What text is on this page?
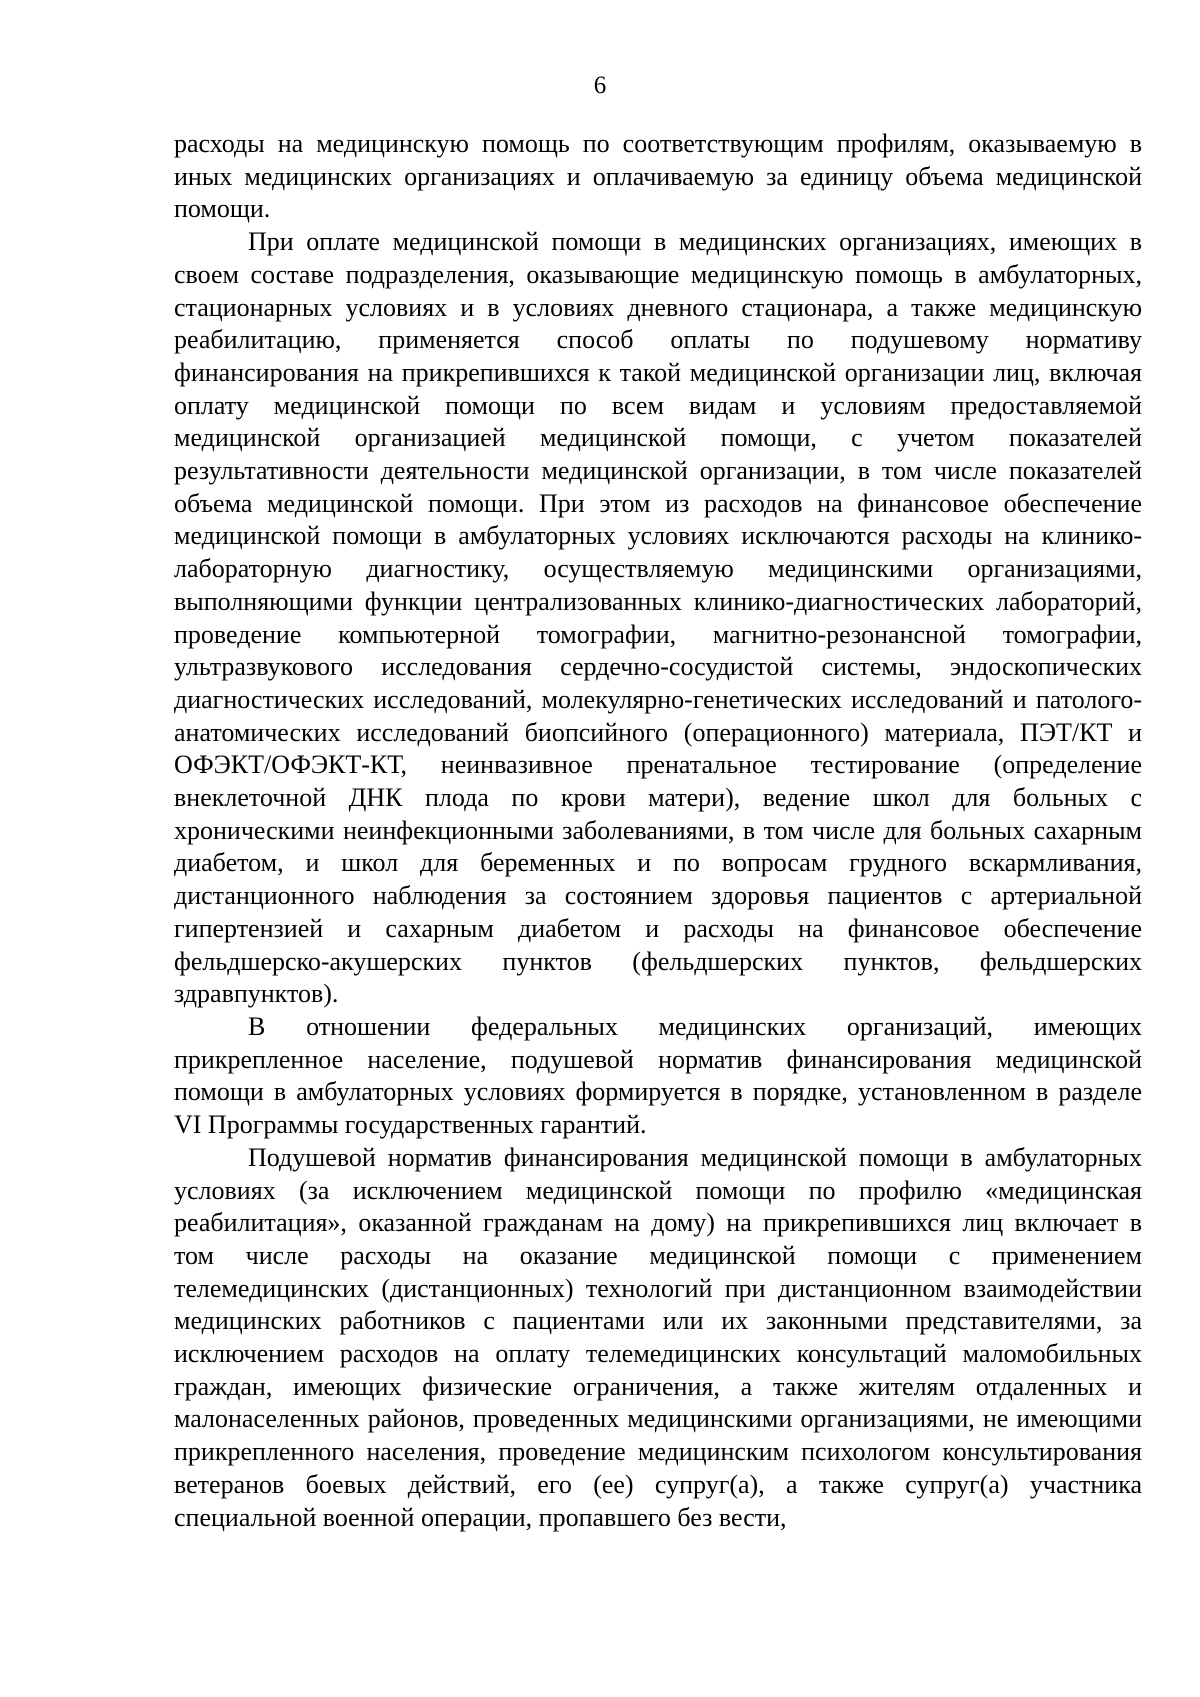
6

расходы на медицинскую помощь по соответствующим профилям, оказываемую в иных медицинских организациях и оплачиваемую за единицу объема медицинской помощи.

При оплате медицинской помощи в медицинских организациях, имеющих в своем составе подразделения, оказывающие медицинскую помощь в амбулаторных, стационарных условиях и в условиях дневного стационара, а также медицинскую реабилитацию, применяется способ оплаты по подушевому нормативу финансирования на прикрепившихся к такой медицинской организации лиц, включая оплату медицинской помощи по всем видам и условиям предоставляемой медицинской организацией медицинской помощи, с учетом показателей результативности деятельности медицинской организации, в том числе показателей объема медицинской помощи. При этом из расходов на финансовое обеспечение медицинской помощи в амбулаторных условиях исключаются расходы на клинико-лабораторную диагностику, осуществляемую медицинскими организациями, выполняющими функции централизованных клинико-диагностических лабораторий, проведение компьютерной томографии, магнитно-резонансной томографии, ультразвукового исследования сердечно-сосудистой системы, эндоскопических диагностических исследований, молекулярно-генетических исследований и патолого-анатомических исследований биопсийного (операционного) материала, ПЭТ/КТ и ОФЭКТ/ОФЭКТ-КТ, неинвазивное пренатальное тестирование (определение внеклеточной ДНК плода по крови матери), ведение школ для больных с хроническими неинфекционными заболеваниями, в том числе для больных сахарным диабетом, и школ для беременных и по вопросам грудного вскармливания, дистанционного наблюдения за состоянием здоровья пациентов с артериальной гипертензией и сахарным диабетом и расходы на финансовое обеспечение фельдшерско-акушерских пунктов (фельдшерских пунктов, фельдшерских здравпунктов).

В отношении федеральных медицинских организаций, имеющих прикрепленное население, подушевой норматив финансирования медицинской помощи в амбулаторных условиях формируется в порядке, установленном в разделе VI Программы государственных гарантий.

Подушевой норматив финансирования медицинской помощи в амбулаторных условиях (за исключением медицинской помощи по профилю «медицинская реабилитация», оказанной гражданам на дому) на прикрепившихся лиц включает в том числе расходы на оказание медицинской помощи с применением телемедицинских (дистанционных) технологий при дистанционном взаимодействии медицинских работников с пациентами или их законными представителями, за исключением расходов на оплату телемедицинских консультаций маломобильных граждан, имеющих физические ограничения, а также жителям отдаленных и малонаселенных районов, проведенных медицинскими организациями, не имеющими прикрепленного населения, проведение медицинским психологом консультирования ветеранов боевых действий, его (ее) супруг(а), а также супруг(а) участника специальной военной операции, пропавшего без вести,
